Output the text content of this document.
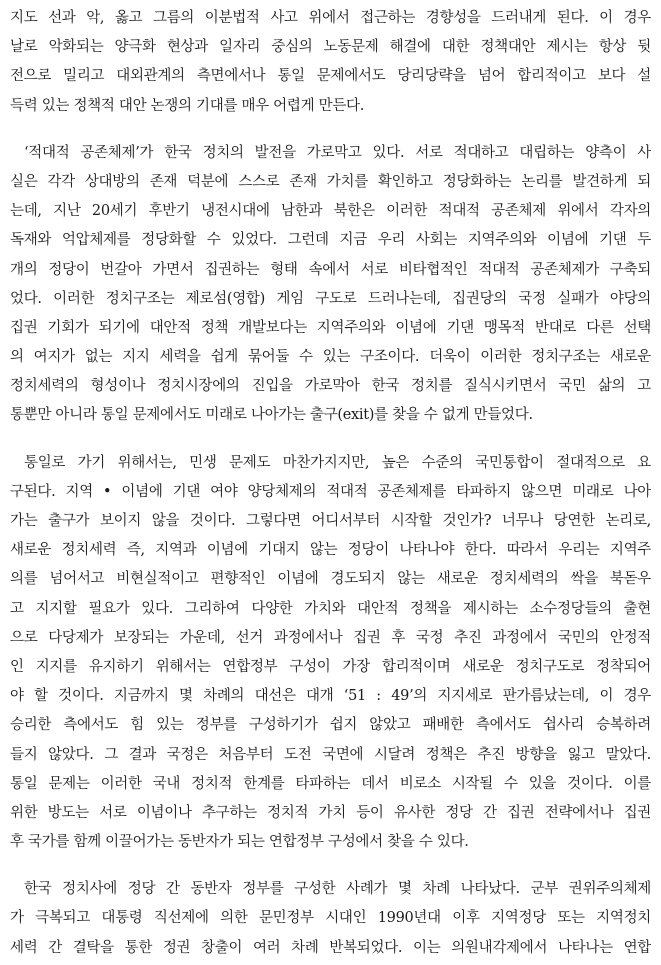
지도 선과 악, 옳고 그름의 이분법적 사고 위에서 접근하는 경향성을 드러내게 된다. 이 경우
날로 악화되는 양극화 현상과 일자리 중심의 노동문제 해결에 대한 정책대안 제시는 항상 뒷
전으로 밀리고 대외관계의 측면에서나 통일 문제에서도 당리당략을 넘어 합리적이고 보다 설
득력 있는 정책적 대안 논쟁의 기대를 매우 어렵게 만든다.
‘적대적 공존체제’가 한국 정치의 발전을 가로막고 있다. 서로 적대하고 대립하는 양측이 사
실은 각각 상대방의 존재 덕분에 스스로 존재 가치를 확인하고 정당화하는 논리를 발견하게 되
는데, 지난 20세기 후반기 냉전시대에 남한과 북한은 이러한 적대적 공존체제 위에서 각자의
독재와 억압체제를 정당화할 수 있었다. 그런데 지금 우리 사회는 지역주의와 이념에 기댄 두
개의 정당이 번갈아 가면서 집권하는 형태 속에서 서로 비타협적인 적대적 공존체제가 구축되
었다. 이러한 정치구조는 제로섬(영합) 게임 구도로 드러나는데, 집권당의 국정 실패가 야당의
집권 기회가 되기에 대안적 정책 개발보다는 지역주의와 이념에 기댄 맹목적 반대로 다른 선택
의 여지가 없는 지지 세력을 쉽게 묶어둘 수 있는 구조이다. 더욱이 이러한 정치구조는 새로운
정치세력의 형성이나 정치시장에의 진입을 가로막아 한국 정치를 질식시키면서 국민 삶의 고
통뿐만 아니라 통일 문제에서도 미래로 나아가는 출구(exit)를 찾을 수 없게 만들었다.
통일로 가기 위해서는, 민생 문제도 마찬가지지만, 높은 수준의 국민통합이 절대적으로 요
구된다. 지역 • 이념에 기댄 여야 양당체제의 적대적 공존체제를 타파하지 않으면 미래로 나아
가는 출구가 보이지 않을 것이다. 그렇다면 어디서부터 시작할 것인가? 너무나 당연한 논리로,
새로운 정치세력 즉, 지역과 이념에 기대지 않는 정당이 나타나야 한다. 따라서 우리는 지역주
의를 넘어서고 비현실적이고 편향적인 이념에 경도되지 않는 새로운 정치세력의 싹을 북돋우
고 지지할 필요가 있다. 그리하여 다양한 가치와 대안적 정책을 제시하는 소수정당들의 출현
으로 다당제가 보장되는 가운데, 선거 과정에서나 집권 후 국정 추진 과정에서 국민의 안정적
인 지지를 유지하기 위해서는 연합정부 구성이 가장 합리적이며 새로운 정치구도로 정착되어
야 할 것이다. 지금까지 몇 차례의 대선은 대개 ‘51 : 49’의 지지세로 판가름났는데, 이 경우
승리한 측에서도 힘 있는 정부를 구성하기가 쉽지 않았고 패배한 측에서도 쉽사리 승복하려
들지 않았다. 그 결과 국정은 처음부터 도전 국면에 시달려 정책은 추진 방향을 잃고 말았다.
통일 문제는 이러한 국내 정치적 한계를 타파하는 데서 비로소 시작될 수 있을 것이다. 이를
위한 방도는 서로 이념이나 추구하는 정치적 가치 등이 유사한 정당 간 집권 전략에서나 집권
후 국가를 함께 이끌어가는 동반자가 되는 연합정부 구성에서 찾을 수 있다.
한국 정치사에 정당 간 동반자 정부를 구성한 사례가 몇 차례 나타났다. 군부 권위주의체제
가 극복되고 대통령 직선제에 의한 문민정부 시대인 1990년대 이후 지역정당 또는 지역정치
세력 간 결탁을 통한 정권 창출이 여러 차례 반복되었다. 이는 의원내각제에서 나타나는 연합
